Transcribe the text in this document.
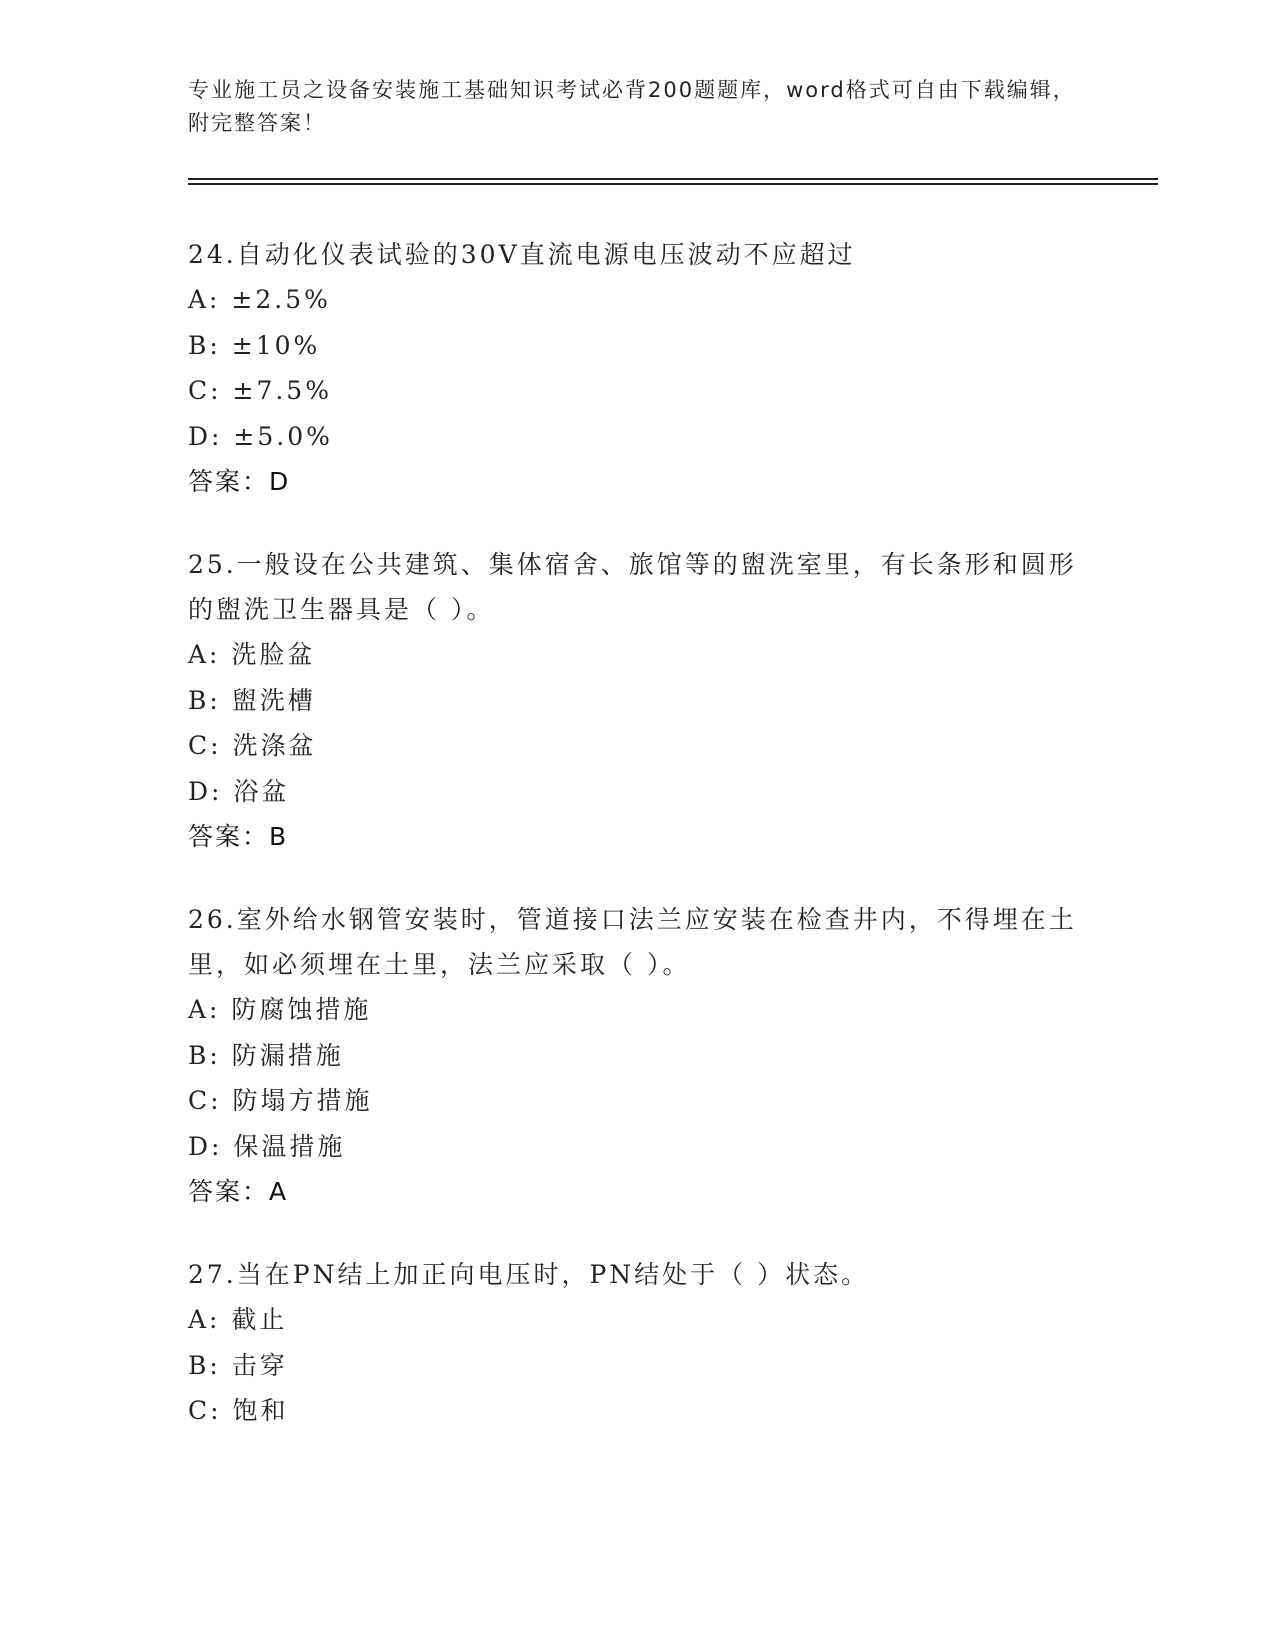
专业施工员之设备安装施工基础知识考试必背200题题库，word格式可自由下载编辑，附完整答案！

24.自动化仪表试验的30V直流电源电压波动不应超过

A: ±2.5%
B: ±10%
C: ±7.5%
D: ±5.0%
答案：D

25.一般设在公共建筑、集体宿舍、旅馆等的盥洗室里，有长条形和圆形的盥洗卫生器具是（ ）。

A: 洗脸盆
B: 盥洗槽
C: 洗涤盆
D: 浴盆
答案：B

26.室外给水钢管安装时，管道接口法兰应安装在检查井内，不得埋在土里，如必须埋在土里，法兰应采取（ ）。

A: 防腐蚀措施
B: 防漏措施
C: 防塌方措施
D: 保温措施
答案：A

27.当在PN结上加正向电压时，PN结处于（ ）状态。

A: 截止
B: 击穿
C: 饱和
